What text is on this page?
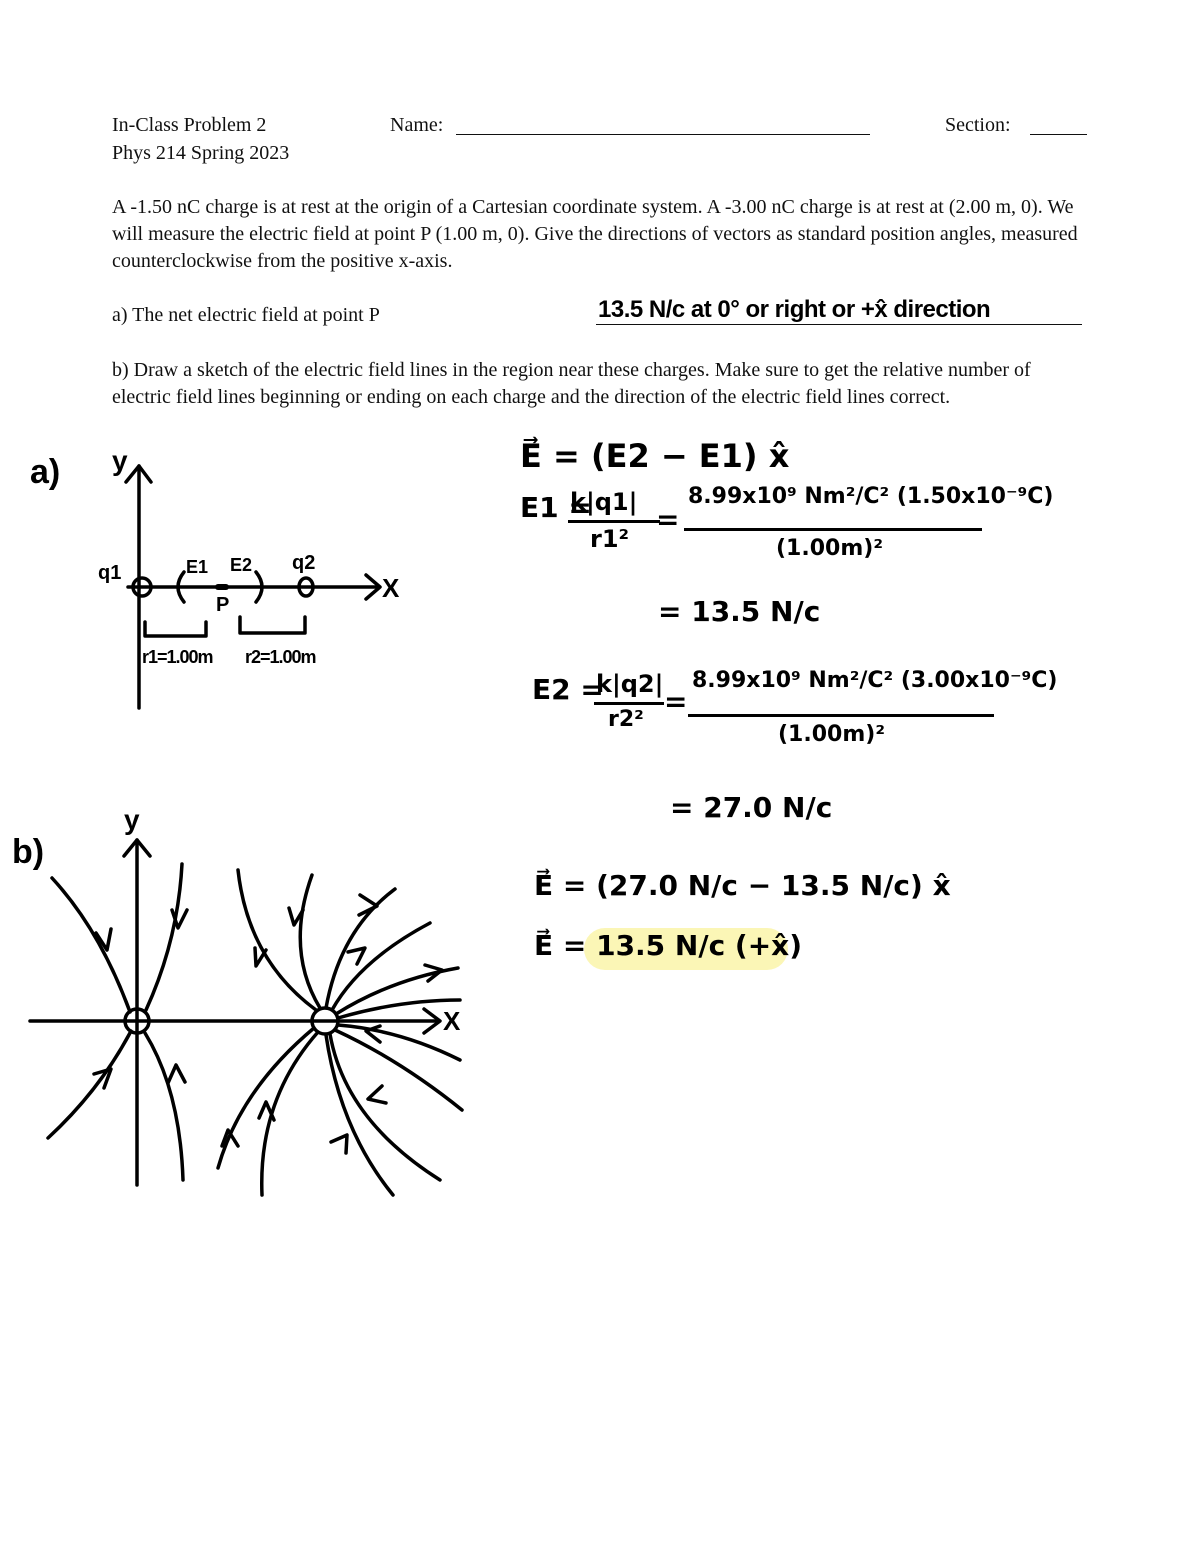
In-Class Problem 2
Phys 214 Spring 2023
Name:	Section:
A -1.50 nC charge is at rest at the origin of a Cartesian coordinate system. A -3.00 nC charge is at rest at (2.00 m, 0). We will measure the electric field at point P (1.00 m, 0). Give the directions of vectors as standard position angles, measured counterclockwise from the positive x-axis.
a) The net electric field at point P	13.5 N/c at 0° or right or +x̂ direction
b) Draw a sketch of the electric field lines in the region near these charges. Make sure to get the relative number of electric field lines beginning or ending on each charge and the direction of the electric field lines correct.
a) y
X
q1	q2
E1 E2
P
r1=1.00m r2=1.00m
b)
y
X
E⃗ = (E2 − E1) x̂
E1 =
k|q1|
r1²
=
8.99x10⁹ Nm²/C² (1.50x10⁻⁹C)
(1.00m)²
= 13.5 N/c
E2 =
k|q2|
r2²
=
8.99x10⁹ Nm²/C² (3.00x10⁻⁹C)
(1.00m)²
= 27.0 N/c
E⃗ = (27.0 N/c − 13.5 N/c) x̂
E⃗ = 13.5 N/c (+x̂)
